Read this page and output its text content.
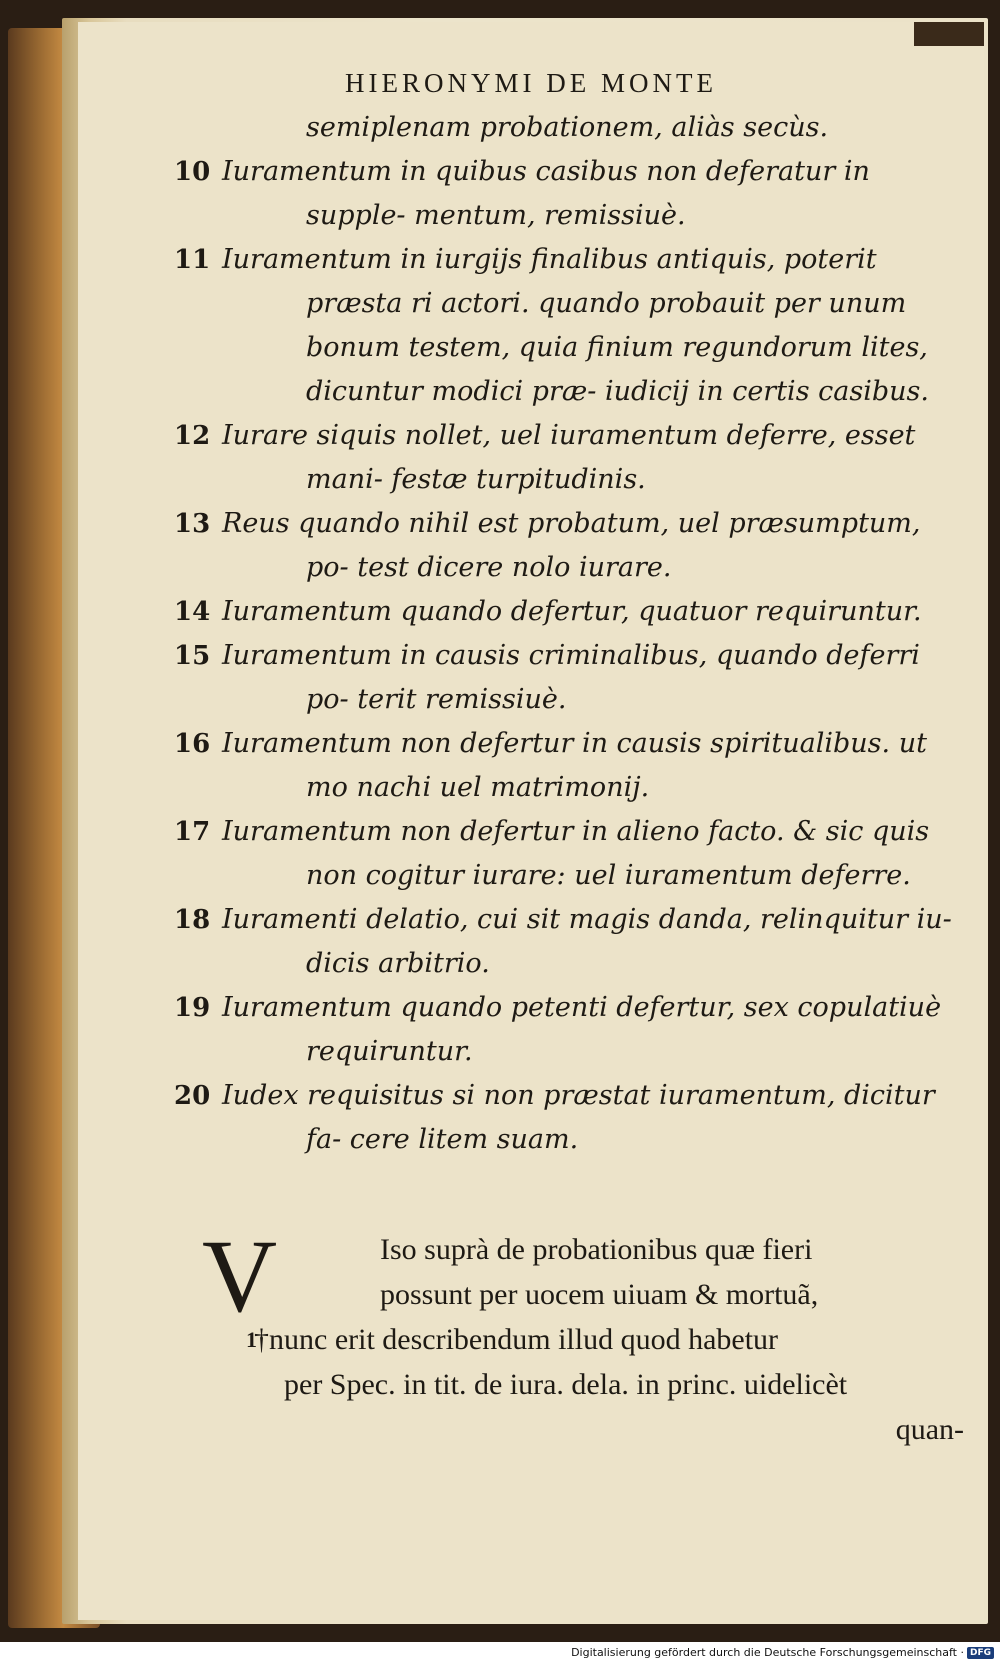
HIERONYMI DE MONTE
semiplenam probationem, aliàs secùs.
10 Iuramentum in quibus casibus non deferatur in supple- mentum, remissiuè.
11 Iuramentum in iurgijs finalibus antiquis, poterit præsta ri actori. quando probauit per unum bonum testem, quia finium regundorum lites, dicuntur modici præ- iudicij in certis casibus.
12 Iurare siquis nollet, uel iuramentum deferre, esset mani- festæ turpitudinis.
13 Reus quando nihil est probatum, uel præsumptum, po- test dicere nolo iurare.
14 Iuramentum quando defertur, quatuor requiruntur.
15 Iuramentum in causis criminalibus, quando deferri po- terit remissiuè.
16 Iuramentum non defertur in causis spiritualibus. ut mo nachi uel matrimonij.
17 Iuramentum non defertur in alieno facto. & sic quis non cogitur iurare: uel iuramentum deferre.
18 Iuramenti delatio, cui sit magis danda, relinquitur iu- dicis arbitrio.
19 Iuramentum quando petenti defertur, sex copulatiuè requiruntur.
20 Iudex requisitus si non præstat iuramentum, dicitur fa- cere litem suam.
V	Iso suprà de probationibus quæ fieri
possunt per uocem uiuam & mortuã,
1
†nunc erit describendum illud quod habetur
per Spec. in tit. de iura. dela. in princ. uidelicèt
quan-
Digitalisierung gefördert durch die Deutsche Forschungsgemeinschaft · DFG
